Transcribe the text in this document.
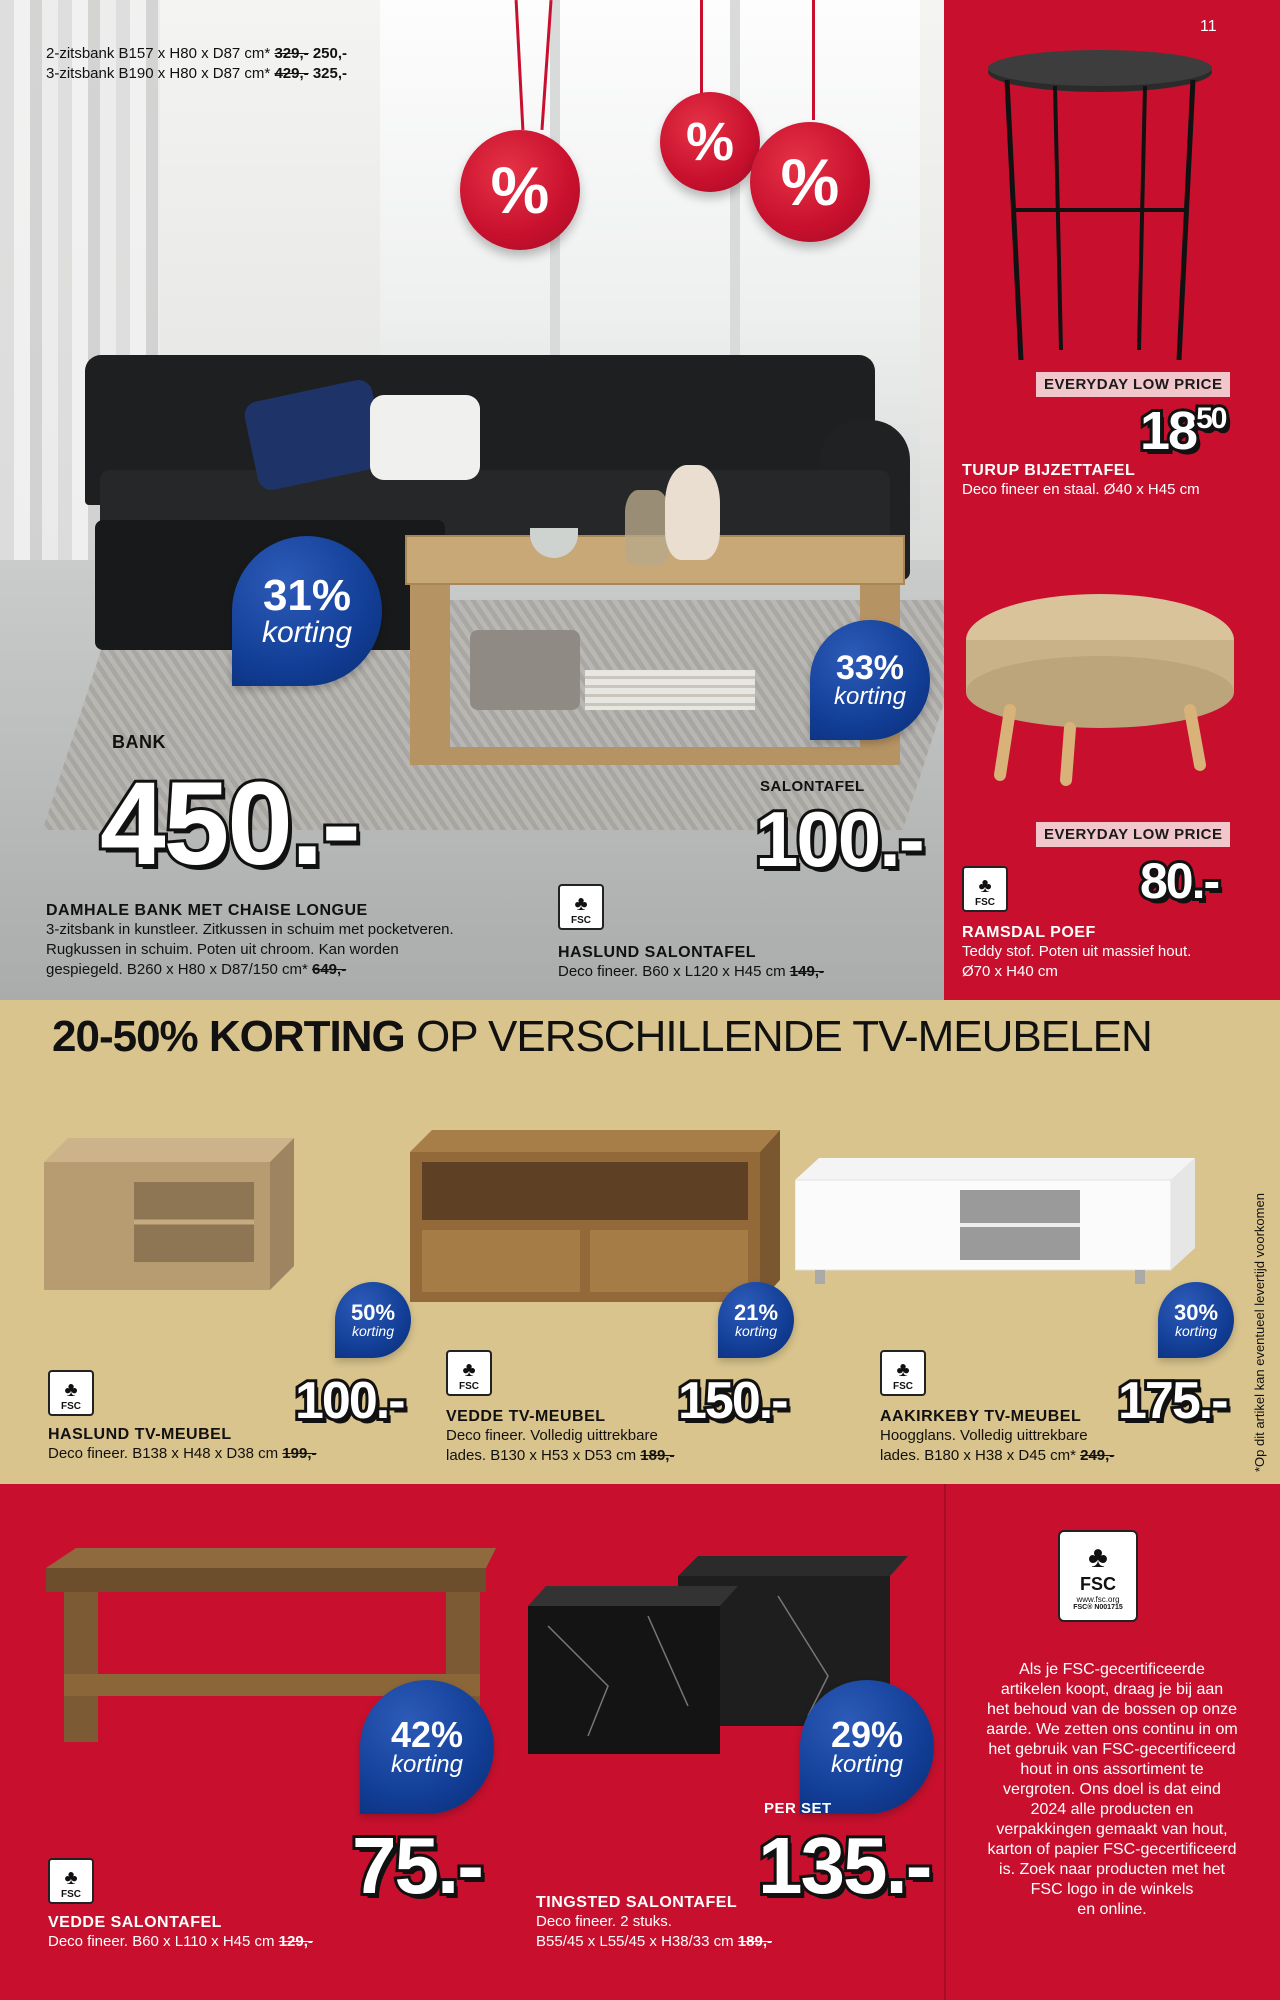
2-zitsbank B157 x H80 x D87 cm* 329,- 250,-
3-zitsbank B190 x H80 x D87 cm* 429,- 325,-
%
%
%
31%
korting
BANK
450.-
DAMHALE BANK MET CHAISE LONGUE
3-zitsbank in kunstleer. Zitkussen in schuim met pocketveren.
Rugkussen in schuim. Poten uit chroom. Kan worden
gespiegeld. B260 x H80 x D87/150 cm* 649,-
33%
korting
SALONTAFEL
100.-
♣
FSC
HASLUND SALONTAFEL
Deco fineer. B60 x L120 x H45 cm 149,-
11
EVERYDAY LOW PRICE
$18^{50}$
TURUP BIJZETTAFEL
Deco fineer en staal. Ø40 x H45 cm
EVERYDAY LOW PRICE
80.-
♣
FSC
RAMSDAL POEF
Teddy stof. Poten uit massief hout.
Ø70 x H40 cm
20-50% KORTING OP VERSCHILLENDE TV-MEUBELEN
*Op dit artikel kan eventueel levertijd voorkomen
50%
korting
100.-
♣
FSC
HASLUND TV-MEUBEL
Deco fineer. B138 x H48 x D38 cm 199,-
21%
korting
150.-
♣
FSC
VEDDE TV-MEUBEL
Deco fineer. Volledig uittrekbare
lades. B130 x H53 x D53 cm 189,-
30%
korting
175.-
♣
FSC
AAKIRKEBY TV-MEUBEL
Hoogglans. Volledig uittrekbare
lades. B180 x H38 x D45 cm* 249,-
42%
korting
75.-
♣
FSC
VEDDE SALONTAFEL
Deco fineer. B60 x L110 x H45 cm 129,-
29%
korting
PER SET
135.-
TINGSTED SALONTAFEL
Deco fineer. 2 stuks.
B55/45 x L55/45 x H38/33 cm 189,-
♣
FSC
www.fsc.org
FSC® N001715
Als je FSC-gecertificeerde
artikelen koopt, draag je bij aan
het behoud van de bossen op onze
aarde. We zetten ons continu in om
het gebruik van FSC-gecertificeerd
hout in ons assortiment te
vergroten. Ons doel is dat eind
2024 alle producten en
verpakkingen gemaakt van hout,
karton of papier FSC-gecertificeerd
is. Zoek naar producten met het
FSC logo in de winkels
en online.
